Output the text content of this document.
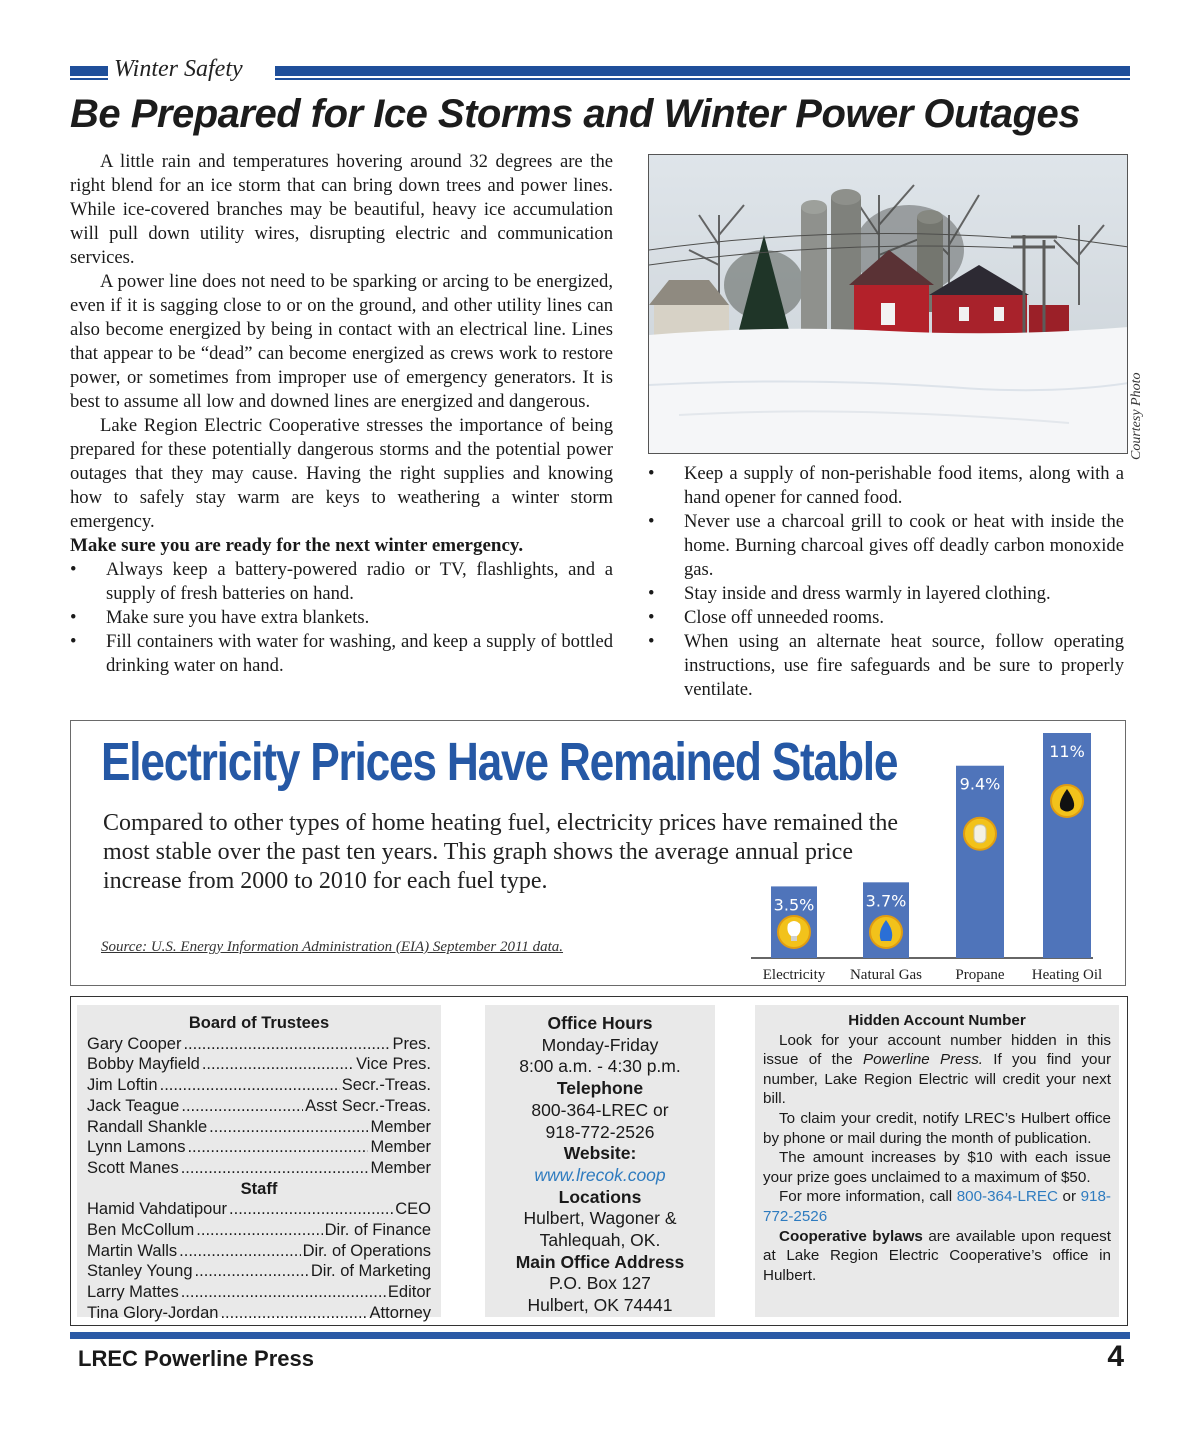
Winter Safety
Be Prepared for Ice Storms and Winter Power Outages

A little rain and temperatures hovering around 32 degrees are the right blend for an ice storm that can bring down trees and power lines. While ice-covered branches may be beautiful, heavy ice accumulation will pull down utility wires, disrupting electric and communication services.

A power line does not need to be sparking or arcing to be energized, even if it is sagging close to or on the ground, and other utility lines can also become energized by being in contact with an electrical line. Lines that appear to be “dead” can become energized as crews work to restore power, or sometimes from improper use of emergency generators. It is best to assume all low and downed lines are energized and dangerous.

Lake Region Electric Cooperative stresses the importance of being prepared for these potentially dangerous storms and the potential power outages that they may cause. Having the right supplies and knowing how to safely stay warm are keys to weathering a winter storm emergency.

Make sure you are ready for the next winter emergency.

• Always keep a battery-powered radio or TV, flashlights, and a supply of fresh batteries on hand.
• Make sure you have extra blankets.
• Fill containers with water for washing, and keep a supply of bottled drinking water on hand.
Courtesy Photo
• Keep a supply of non-perishable food items, along with a hand opener for canned food.
• Never use a charcoal grill to cook or heat with inside the home. Burning charcoal gives off deadly carbon monoxide gas.
• Stay inside and dress warmly in layered clothing.
• Close off unneeded rooms.
• When using an alternate heat source, follow operating instructions, use fire safeguards and be sure to properly ventilate.
Electricity Prices Have Remained Stable
Compared to other types of home heating fuel, electricity prices have remained the most stable over the past ten years. This graph shows the average annual price increase from 2000 to 2010 for each fuel type.
Source: U.S. Energy Information Administration (EIA) September 2011 data.
3.5%
Electricity
3.7%
Natural Gas
9.4%
Propane
11%
Heating Oil
Board of Trustees
Gary Cooper .....	Pres.
Bobby Mayfield .....	Vice Pres.
Jim Loftin .....	Secr.-Treas.
Jack Teague .....	Asst Secr.-Treas.
Randall Shankle .....	Member
Lynn Lamons .....	Member
Scott Manes .....	Member
Staff
Hamid Vahdatipour .....	CEO
Ben McCollum .....	Dir. of Finance
Martin Walls .....	Dir. of Operations
Stanley Young .....	Dir. of Marketing
Larry Mattes .....	Editor
Tina Glory-Jordan .....	Attorney
Office Hours
Monday-Friday
8:00 a.m. - 4:30 p.m.
Telephone
800-364-LREC or
918-772-2526
Website:
www.lrecok.coop
Locations
Hulbert, Wagoner &
Tahlequah, OK.
Main Office Address
P.O. Box 127
Hulbert, OK 74441
Hidden Account Number

Look for your account number hidden in this issue of the Powerline Press. If you find your number, Lake Region Electric will credit your next bill.

To claim your credit, notify LREC’s Hulbert office by phone or mail during the month of publication.

The amount increases by $10 with each issue your prize goes unclaimed to a maximum of $50.

For more information, call 800-364-LREC or 918-772-2526

Cooperative bylaws are available upon request at Lake Region Electric Cooperative’s office in Hulbert.

LREC Powerline Press	4
